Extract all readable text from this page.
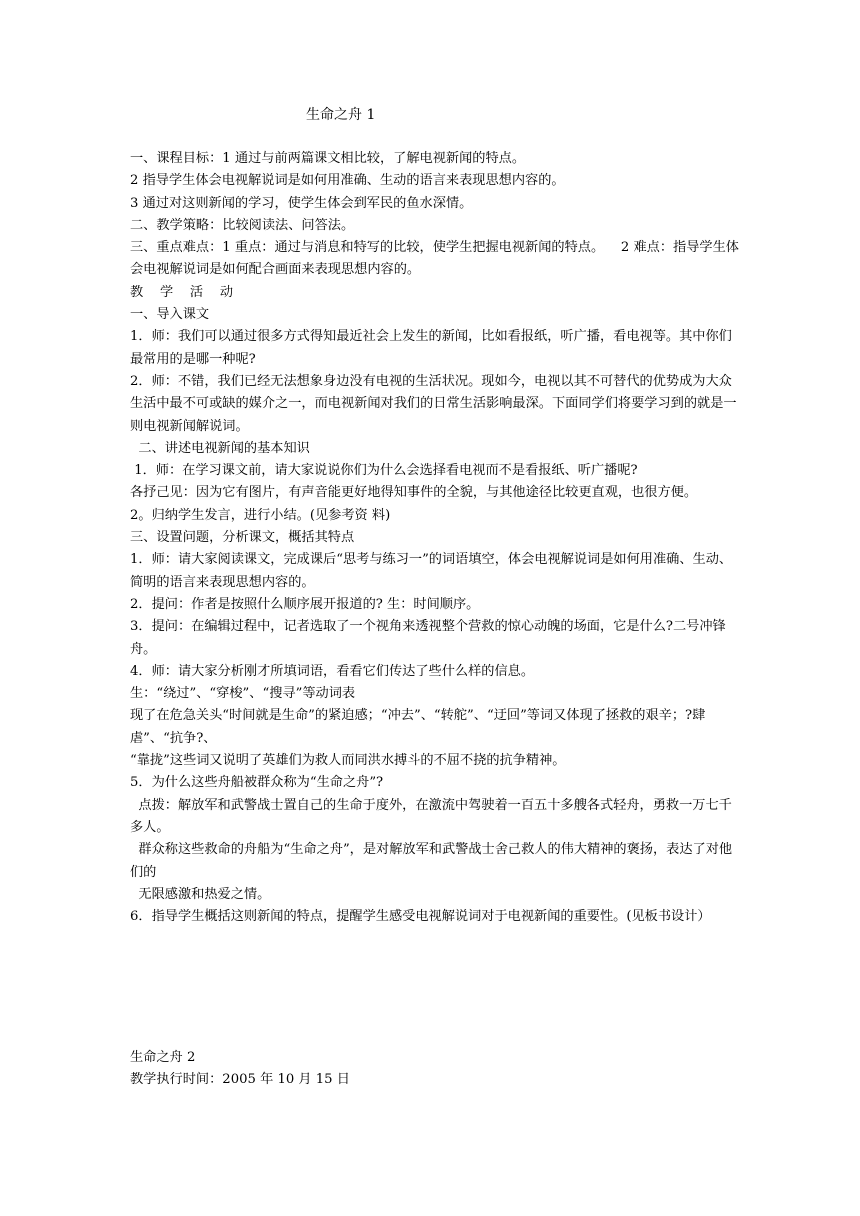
生命之舟 1

一、课程目标：1 通过与前两篇课文相比较，了解电视新闻的特点。

2 指导学生体会电视解说词是如何用准确、生动的语言来表现思想内容的。

3 通过对这则新闻的学习，使学生体会到军民的鱼水深情。

二、教学策略：比较阅读法、问答法。

三、重点难点：1 重点：通过与消息和特写的比较，使学生把握电视新闻的特点。    2 难点：指导学生体会电视解说词是如何配合画面来表现思想内容的。

教    学    活    动

一、导入课文

1．师：我们可以通过很多方式得知最近社会上发生的新闻，比如看报纸，听广播，看电视等。其中你们最常用的是哪一种呢?

2．师：不错，我们已经无法想象身边没有电视的生活状况。现如今，电视以其不可替代的优势成为大众生活中最不可或缺的媒介之一，而电视新闻对我们的日常生活影响最深。下面同学们将要学习到的就是一则电视新闻解说词。

二、讲述电视新闻的基本知识

1．师：在学习课文前，请大家说说你们为什么会选择看电视而不是看报纸、听广播呢?

各抒己见：因为它有图片，有声音能更好地得知事件的全貌，与其他途径比较更直观，也很方便。

2。归纳学生发言，进行小结。(见参考资 料)

三、设置问题，分析课文，概括其特点

1．师：请大家阅读课文，完成课后“思考与练习一”的词语填空，体会电视解说词是如何用准确、生动、简明的语言来表现思想内容的。

2．提问：作者是按照什么顺序展开报道的? 生：时间顺序。

3．提问：在编辑过程中，记者选取了一个视角来透视整个营救的惊心动魄的场面，它是什么?二号冲锋舟。

4．师：请大家分析刚才所填词语，看看它们传达了些什么样的信息。

生：“绕过”、“穿梭”、“搜寻”等动词表

现了在危急关头“时间就是生命”的紧迫感；“冲去”、“转舵”、“迂回”等词又体现了拯救的艰辛；?肆虐”、“抗争?、

“靠拢”这些词又说明了英雄们为救人而同洪水搏斗的不屈不挠的抗争精神。

5．为什么这些舟船被群众称为“生命之舟”?

点拨：解放军和武警战士置自己的生命于度外，在激流中驾驶着一百五十多艘各式轻舟，勇救一万七千多人。

群众称这些救命的舟船为“生命之舟”，是对解放军和武警战士舍己救人的伟大精神的褒扬，表达了对他们的

无限感激和热爱之情。

6．指导学生概括这则新闻的特点，提醒学生感受电视解说词对于电视新闻的重要性。(见板书设计）

生命之舟 2

教学执行时间：2005 年 10 月 15 日
